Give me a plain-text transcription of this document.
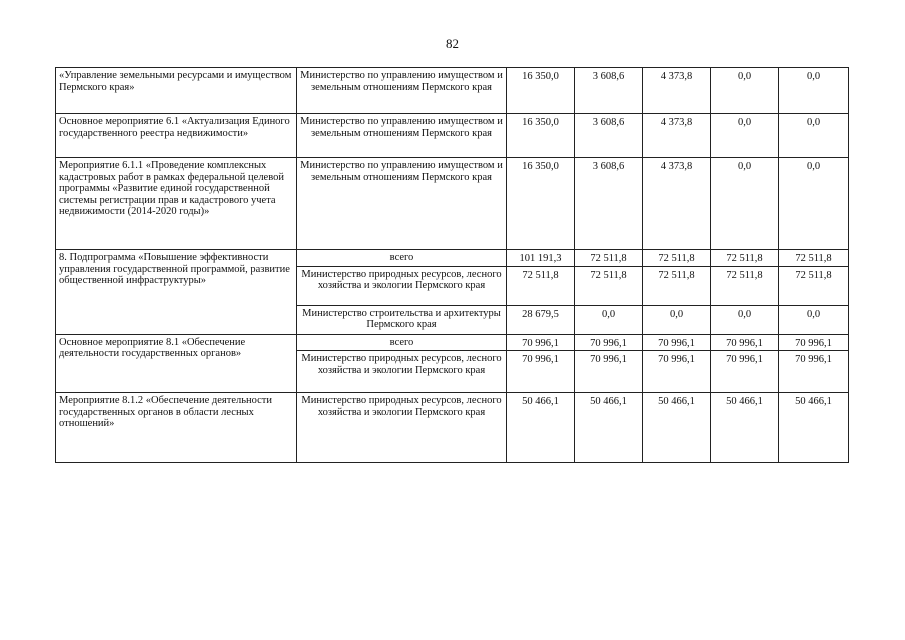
82
«Управление земельными ресурсами и имуществом Пермского края»	Министерство по управлению имуществом и земельным отношениям Пермского края	16 350,0	3 608,6	4 373,8	0,0	0,0
Основное мероприятие 6.1 «Актуализация Единого государственного реестра недвижимости»	Министерство по управлению имуществом и земельным отношениям Пермского края	16 350,0	3 608,6	4 373,8	0,0	0,0
Мероприятие 6.1.1 «Проведение комплексных кадастровых работ в рамках федеральной целевой программы «Развитие единой государственной системы регистрации прав и кадастрового учета недвижимости (2014-2020 годы)»	Министерство по управлению имуществом и земельным отношениям Пермского края	16 350,0	3 608,6	4 373,8	0,0	0,0
8. Подпрограмма «Повышение эффективности управления государственной программой, развитие общественной инфраструктуры»	всего	101 191,3	72 511,8	72 511,8	72 511,8	72 511,8
	Министерство природных ресурсов, лесного хозяйства и экологии Пермского края	72 511,8	72 511,8	72 511,8	72 511,8	72 511,8
	Министерство строительства и архитектуры Пермского края	28 679,5	0,0	0,0	0,0	0,0
Основное мероприятие 8.1 «Обеспечение деятельности государственных органов»	всего	70 996,1	70 996,1	70 996,1	70 996,1	70 996,1
	Министерство природных ресурсов, лесного хозяйства и экологии Пермского края	70 996,1	70 996,1	70 996,1	70 996,1	70 996,1
Мероприятие 8.1.2 «Обеспечение деятельности государственных органов в области лесных отношений»	Министерство природных ресурсов, лесного хозяйства и экологии Пермского края	50 466,1	50 466,1	50 466,1	50 466,1	50 466,1
